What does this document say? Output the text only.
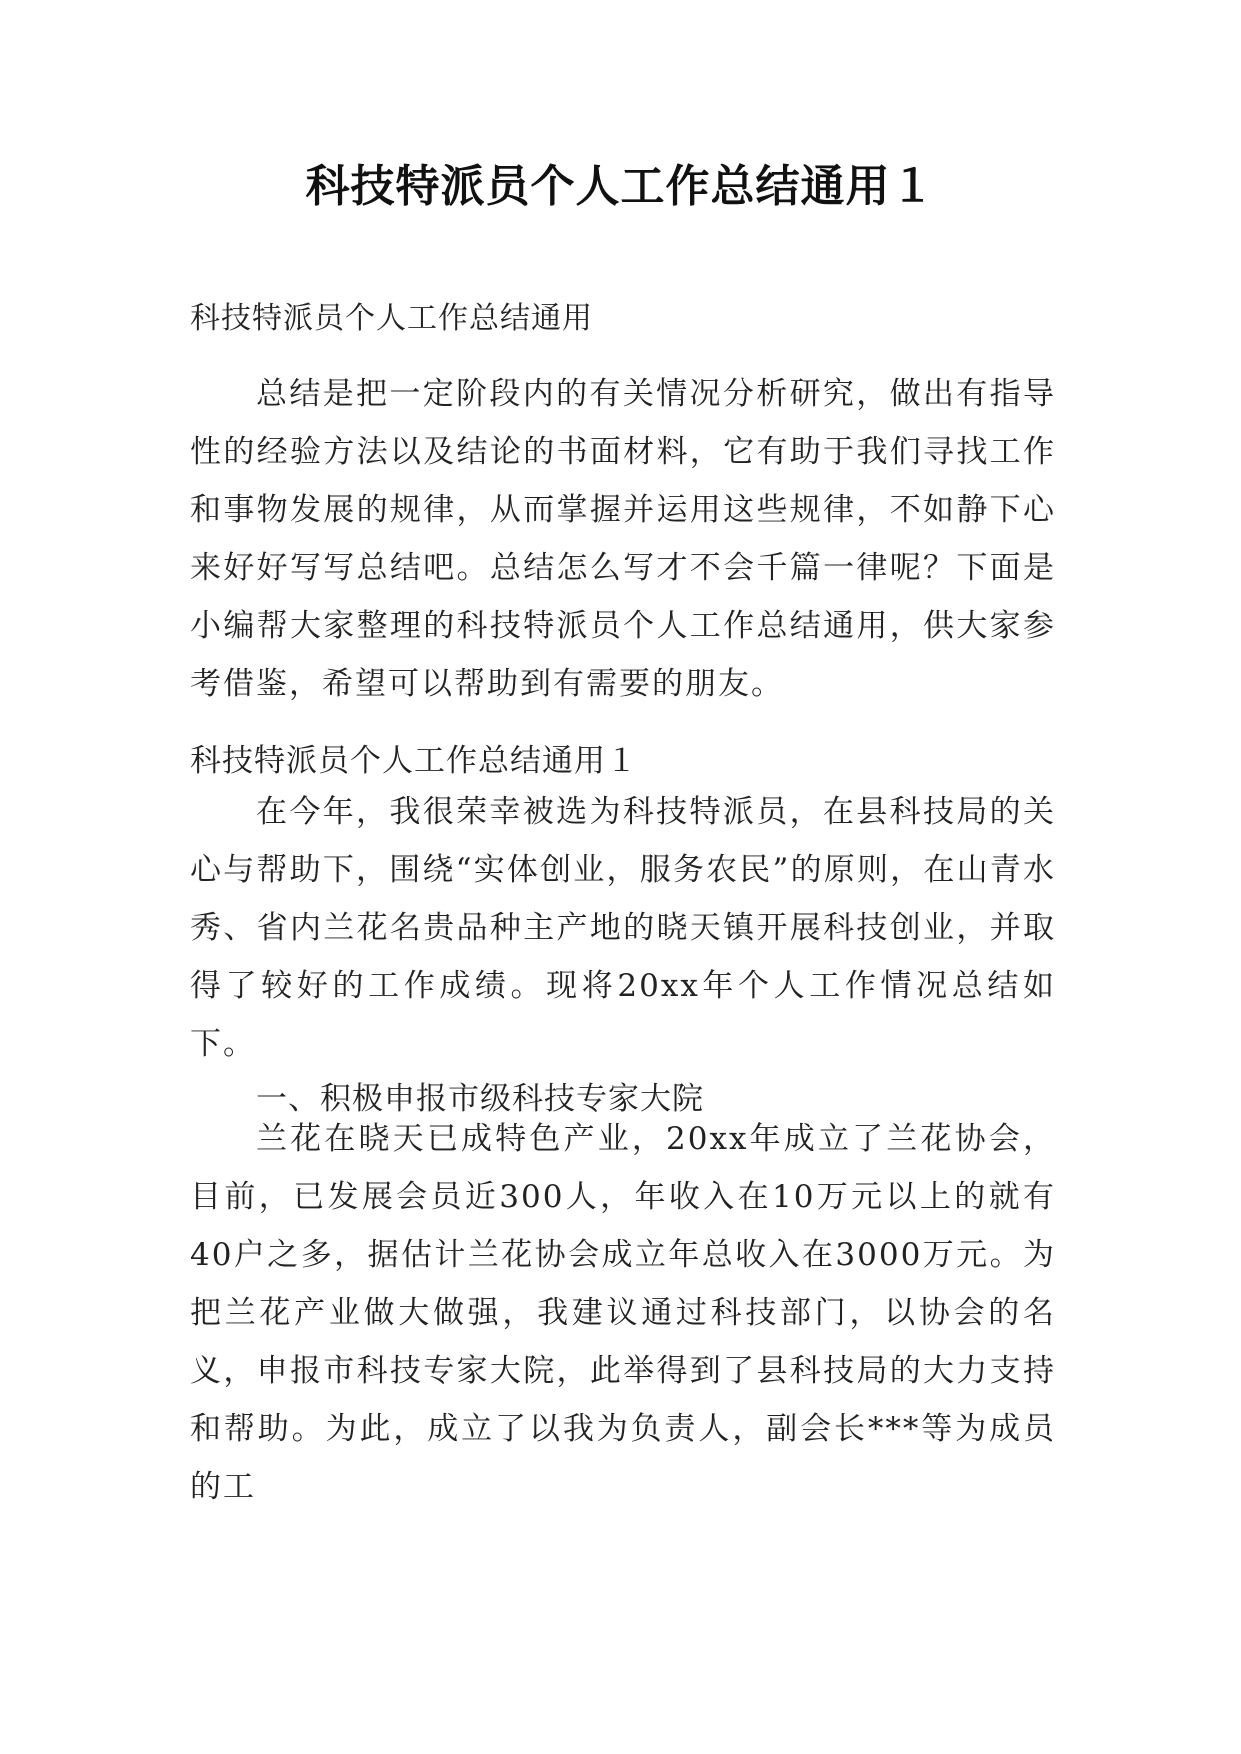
科技特派员个人工作总结通用１

科技特派员个人工作总结通用

总结是把一定阶段内的有关情况分析研究，做出有指导性的经验方法以及结论的书面材料，它有助于我们寻找工作和事物发展的规律，从而掌握并运用这些规律，不如静下心来好好写写总结吧。总结怎么写才不会千篇一律呢？下面是小编帮大家整理的科技特派员个人工作总结通用，供大家参考借鉴，希望可以帮助到有需要的朋友。

科技特派员个人工作总结通用１

在今年，我很荣幸被选为科技特派员，在县科技局的关心与帮助下，围绕“实体创业，服务农民”的原则，在山青水秀、省内兰花名贵品种主产地的晓天镇开展科技创业，并取得了较好的工作成绩。现将20xx年个人工作情况总结如下。

一、积极申报市级科技专家大院

兰花在晓天已成特色产业，20xx年成立了兰花协会，目前，已发展会员近300人，年收入在10万元以上的就有40户之多，据估计兰花协会成立年总收入在3000万元。为把兰花产业做大做强，我建议通过科技部门，以协会的名义，申报市科技专家大院，此举得到了县科技局的大力支持和帮助。为此，成立了以我为负责人，副会长***等为成员的工
